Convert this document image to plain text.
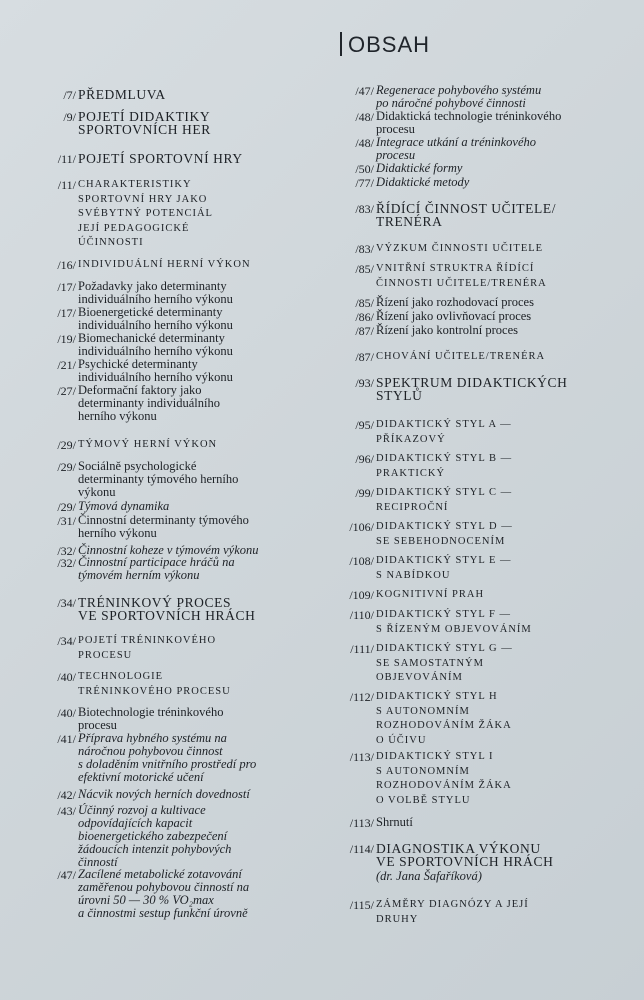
OBSAH
/7/ PŘEDMLUVA
/9/ POJETÍ DIDAKTIKY
SPORTOVNÍCH HER
/11/ POJETÍ SPORTOVNÍ HRY
/11/ CHARAKTERISTIKY
SPORTOVNÍ HRY JAKO
SVÉBYTNÝ POTENCIÁL
JEJÍ PEDAGOGICKÉ
ÚČINNOSTI
/16/ INDIVIDUÁLNÍ HERNÍ VÝKON
/17/ Požadavky jako determinanty
individuálního herního výkonu
/17/ Bioenergetické determinanty
individuálního herního výkonu
/19/ Biomechanické determinanty
individuálního herního výkonu
/21/ Psychické determinanty
individuálního herního výkonu
/27/ Deformační faktory jako
determinanty individuálního
herního výkonu
/29/ TÝMOVÝ HERNÍ VÝKON
/29/ Sociálně psychologické
determinanty týmového herního
výkonu
/29/ Týmová dynamika
/31/ Činnostní determinanty týmového
herního výkonu
/32/ Činnostní koheze v týmovém výkonu
/32/ Činnostní participace hráčů na
týmovém herním výkonu
/34/ TRÉNINKOVÝ PROCES
VE SPORTOVNÍCH HRÁCH
/34/ POJETÍ TRÉNINKOVÉHO
PROCESU
/40/ TECHNOLOGIE
TRÉNINKOVÉHO PROCESU
/40/ Biotechnologie tréninkového
procesu
/41/ Příprava hybného systému na
náročnou pohybovou činnost
s doladěním vnitřního prostředí pro
efektivní motorické učení
/42/ Nácvik nových herních dovedností
/43/ Účinný rozvoj a kultivace
odpovídajících kapacit
bioenergetického zabezpečení
žádoucích intenzit pohybových
činností
/47/ Zacílené metabolické zotavování
zaměřenou pohybovou činností na
úrovni 50 — 30 % VO₂max
a činnostmi sestup funkční úrovně
/47/ Regenerace pohybového systému
po náročné pohybové činnosti
/48/ Didaktická technologie tréninkového
procesu
/48/ Integrace utkání a tréninkového
procesu
/50/ Didaktické formy
/77/ Didaktické metody
/83/ ŘÍDÍCÍ ČINNOST UČITELE/
TRENÉRA
/83/ VÝZKUM ČINNOSTI UČITELE
/85/ VNITŘNÍ STRUKTRA ŘÍDÍCÍ
ČINNOSTI UČITELE/TRENÉRA
/85/ Řízení jako rozhodovací proces
/86/ Řízení jako ovlivňovací proces
/87/ Řízení jako kontrolní proces
/87/ CHOVÁNÍ UČITELE/TRENÉRA
/93/ SPEKTRUM DIDAKTICKÝCH
STYLŮ
/95/ DIDAKTICKÝ STYL A —
PŘÍKAZOVÝ
/96/ DIDAKTICKÝ STYL B —
PRAKTICKÝ
/99/ DIDAKTICKÝ STYL C —
RECIPROČNÍ
/106/ DIDAKTICKÝ STYL D —
SE SEBEHODNOCENÍM
/108/ DIDAKTICKÝ STYL E —
S NABÍDKOU
/109/ KOGNITIVNÍ PRAH
/110/ DIDAKTICKÝ STYL F —
S ŘÍZENÝM OBJEVOVÁNÍM
/111/ DIDAKTICKÝ STYL G —
SE SAMOSTATNÝM
OBJEVOVÁNÍM
/112/ DIDAKTICKÝ STYL H
S AUTONOMNÍM
ROZHODOVÁNÍM ŽÁKA
O ÚČIVU
/113/ DIDAKTICKÝ STYL I
S AUTONOMNÍM
ROZHODOVÁNÍM ŽÁKA
O VOLBĚ STYLU
/113/ Shrnutí
/114/ DIAGNOSTIKA VÝKONU
VE SPORTOVNÍCH HRÁCH
(dr. Jana Šafaříková)
/115/ ZÁMĚRY DIAGNÓZY A JEJÍ
DRUHY
